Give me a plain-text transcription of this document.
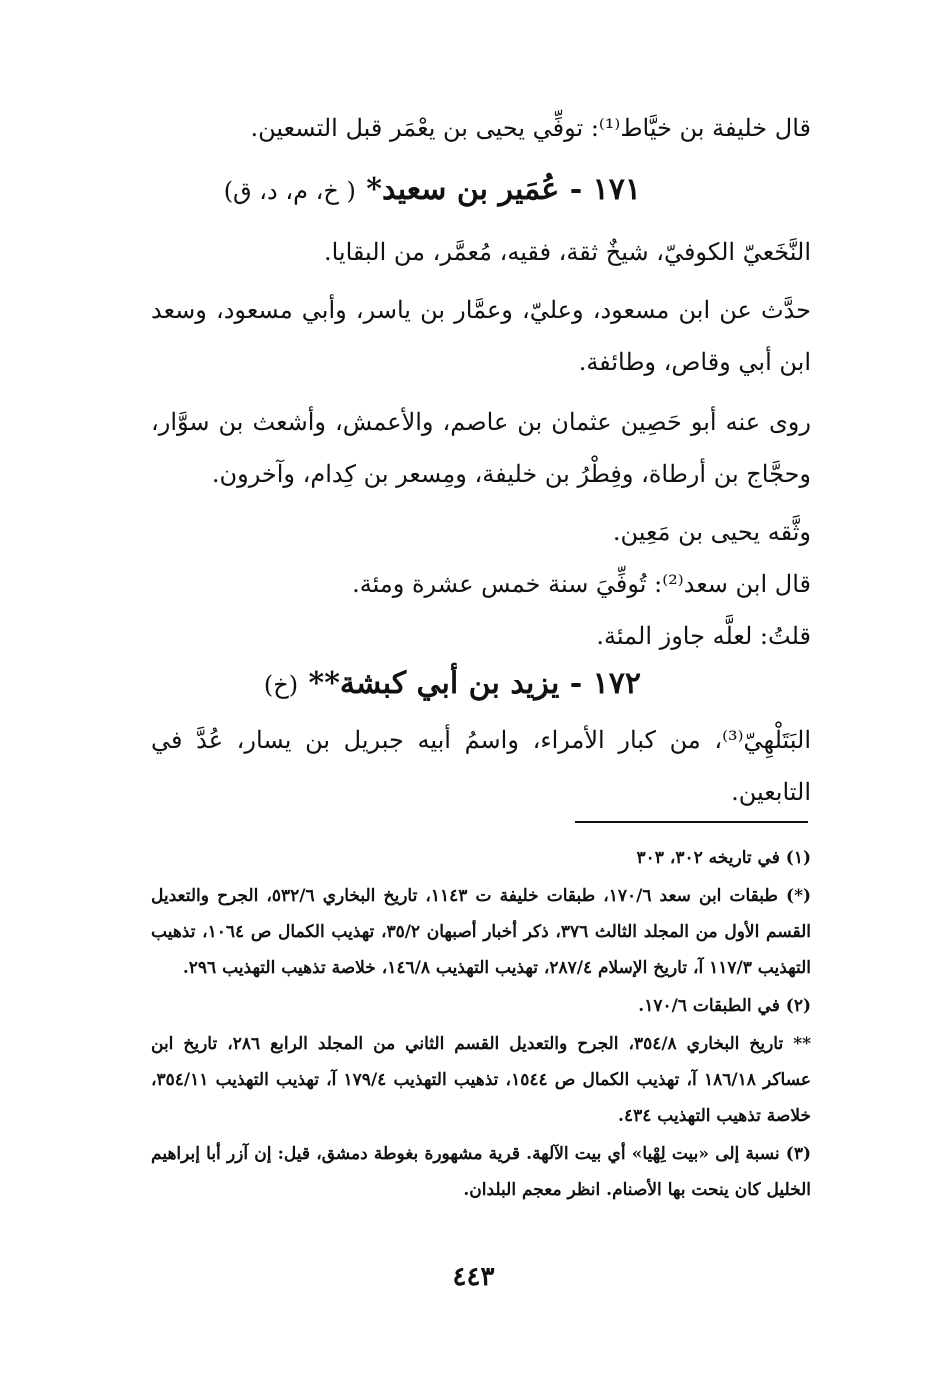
قال خليفة بن خيَّاط⁽¹⁾: توفِّي يحيى بن يعْمَر قبل التسعين.

١٧١ - عُمَير بن سعيد* ( خ، م، د، ق)

النَّخَعيّ الكوفيّ، شيخٌ ثقة، فقيه، مُعمَّر، من البقايا.

حدَّث عن ابن مسعود، وعليّ، وعمَّار بن ياسر، وأبي مسعود، وسعد ابن أبي وقاص، وطائفة.

روى عنه أبو حَصِين عثمان بن عاصم، والأعمش، وأشعث بن سوَّار، وحجَّاج بن أرطاة، وفِطْرُ بن خليفة، ومِسعر بن كِدام، وآخرون.

وثَّقه يحيى بن مَعِين.

قال ابن سعد⁽²⁾: تُوفِّيَ سنة خمس عشرة ومئة.

قلتُ: لعلَّه جاوز المئة.

١٧٢ - يزيد بن أبي كبشة** (خ)

البَتَلْهِيّ⁽³⁾، من كبار الأمراء، واسمُ أبيه جبريل بن يسار، عُدَّ في التابعين.

(١) في تاريخه ٣٠٢، ٣٠٣

(*) طبقات ابن سعد ١٧٠/٦، طبقات خليفة ت ١١٤٣، تاريخ البخاري ٥٣٢/٦، الجرح والتعديل القسم الأول من المجلد الثالث ٣٧٦، ذكر أخبار أصبهان ٣٥/٢، تهذيب الكمال ص ١٠٦٤، تذهيب التهذيب ١١٧/٣ آ، تاريخ الإسلام ٢٨٧/٤، تهذيب التهذيب ١٤٦/٨، خلاصة تذهيب التهذيب ٢٩٦.

(٢) في الطبقات ١٧٠/٦.

** تاريخ البخاري ٣٥٤/٨، الجرح والتعديل القسم الثاني من المجلد الرابع ٢٨٦، تاريخ ابن عساكر ١٨٦/١٨ آ، تهذيب الكمال ص ١٥٤٤، تذهيب التهذيب ١٧٩/٤ آ، تهذيب التهذيب ٣٥٤/١١، خلاصة تذهيب التهذيب ٤٣٤.

(٣) نسبة إلى «بيت لِهْيا» أي بيت الآلهة. قرية مشهورة بغوطة دمشق، قيل: إن آزر أبا إبراهيم الخليل كان ينحت بها الأصنام. انظر معجم البلدان.

٤٤٣
